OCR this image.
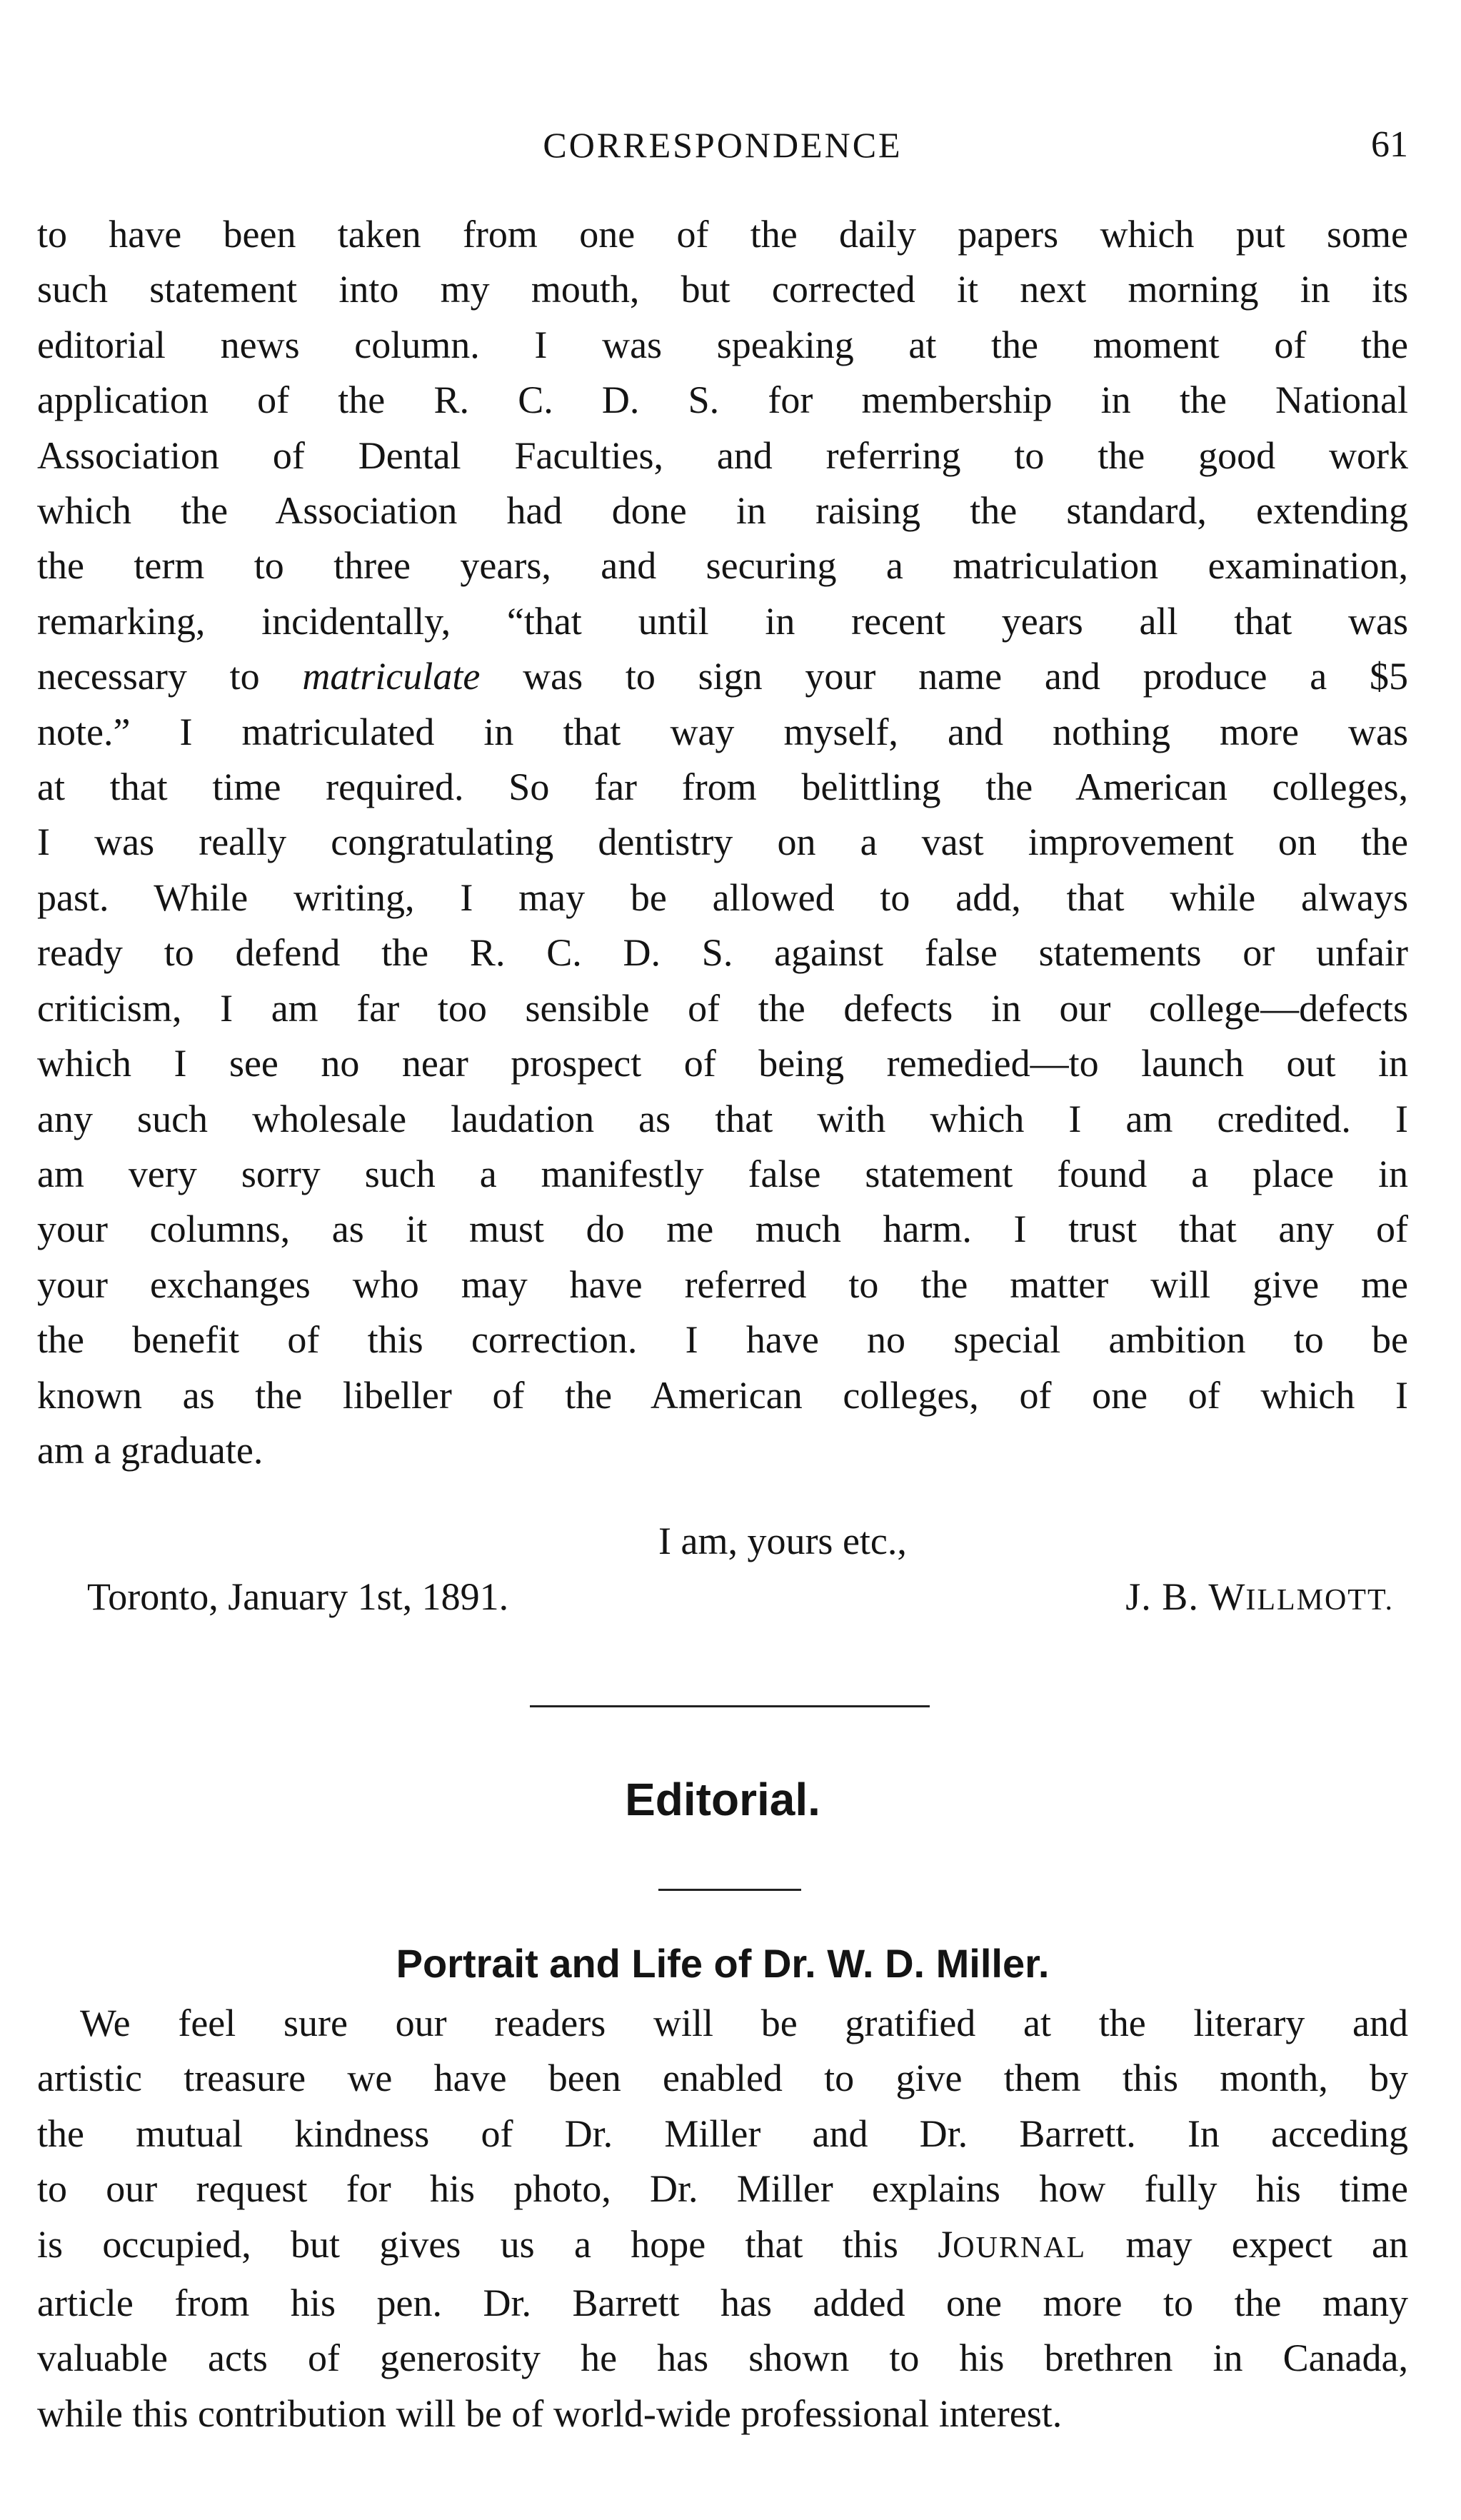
CORRESPONDENCE	61
to have been taken from one of the daily papers which put some
such statement into my mouth, but corrected it next morning in its
editorial news column. I was speaking at the moment of the
application of the R. C. D. S. for membership in the National
Association of Dental Faculties, and referring to the good work
which the Association had done in raising the standard, extending
the term to three years, and securing a matriculation examination,
remarking, incidentally, “that until in recent years all that was
necessary to matriculate was to sign your name and produce a $5
note.” I matriculated in that way myself, and nothing more was
at that time required. So far from belittling the American colleges,
I was really congratulating dentistry on a vast improvement on the
past. While writing, I may be allowed to add, that while always
ready to defend the R. C. D. S. against false statements or unfair
criticism, I am far too sensible of the defects in our college—defects
which I see no near prospect of being remedied—to launch out in
any such wholesale laudation as that with which I am credited. I
am very sorry such a manifestly false statement found a place in
your columns, as it must do me much harm. I trust that any of
your exchanges who may have referred to the matter will give me
the benefit of this correction. I have no special ambition to be
known as the libeller of the American colleges, of one of which I
am a graduate.
I am, yours etc.,
Toronto, January 1st, 1891.	J. B. WILLMOTT.
Editorial.
Portrait and Life of Dr. W. D. Miller.
We feel sure our readers will be gratified at the literary and
artistic treasure we have been enabled to give them this month, by
the mutual kindness of Dr. Miller and Dr. Barrett. In acceding
to our request for his photo, Dr. Miller explains how fully his time
is occupied, but gives us a hope that this JOURNAL may expect an
article from his pen. Dr. Barrett has added one more to the many
valuable acts of generosity he has shown to his brethren in Canada,
while this contribution will be of world-wide professional interest.
